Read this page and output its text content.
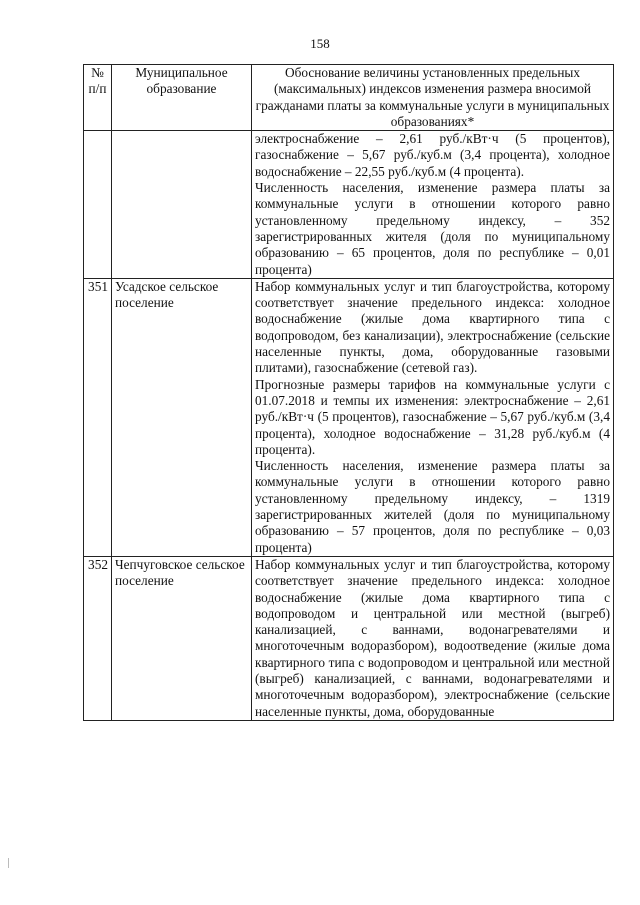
158
№ п/п	Муниципальное образование	Обоснование величины установленных предельных (максимальных) индексов изменения размера вносимой гражданами платы за коммунальные услуги в муниципальных образованиях*

		электроснабжение – 2,61 руб./кВт·ч (5 процентов), газоснабжение – 5,67 руб./куб.м (3,4 процента), холодное водоснабжение – 22,55 руб./куб.м (4 процента).

Численность населения, изменение размера платы за коммунальные услуги в отношении которого равно установленному предельному индексу, – 352 зарегистрированных жителя (доля по муниципальному образованию – 65 процентов, доля по республике – 0,01 процента)

351	Усадское сельское поселение	Набор коммунальных услуг и тип благоустройства, которому соответствует значение предельного индекса: холодное водоснабжение (жилые дома квартирного типа с водопроводом, без канализации), электроснабжение (сельские населенные пункты, дома, оборудованные газовыми плитами), газоснабжение (сетевой газ).

Прогнозные размеры тарифов на коммунальные услуги с 01.07.2018 и темпы их изменения: электроснабжение – 2,61 руб./кВт·ч (5 процентов), газоснабжение – 5,67 руб./куб.м (3,4 процента), холодное водоснабжение – 31,28 руб./куб.м (4 процента).

Численность населения, изменение размера платы за коммунальные услуги в отношении которого равно установленному предельному индексу, – 1319 зарегистрированных жителей (доля по муниципальному образованию – 57 процентов, доля по республике – 0,03 процента)

352	Чепчуговское сельское поселение	Набор коммунальных услуг и тип благоустройства, которому соответствует значение предельного индекса: холодное водоснабжение (жилые дома квартирного типа с водопроводом и центральной или местной (выгреб) канализацией, с ваннами, водонагревателями и многоточечным водоразбором), водоотведение (жилые дома квартирного типа с водопроводом и центральной или местной (выгреб) канализацией, с ваннами, водонагревателями и многоточечным водоразбором), электроснабжение (сельские населенные пункты, дома, оборудованные
